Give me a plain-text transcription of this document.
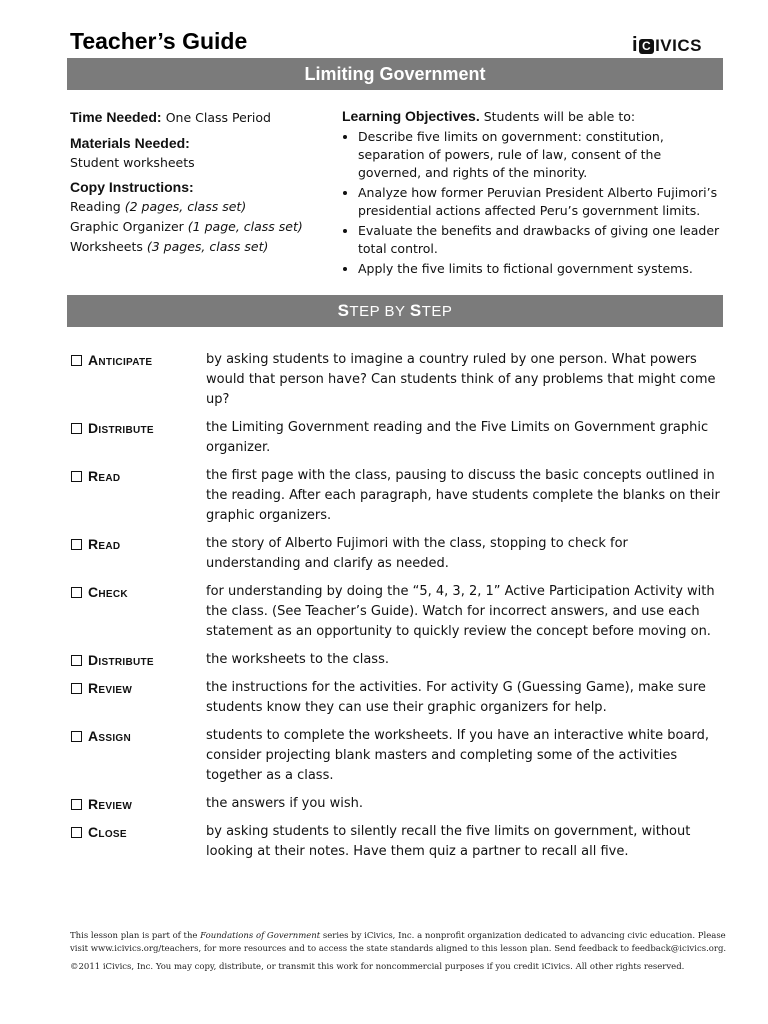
Teacher’s Guide	i C IVICS
Limiting Government
Time Needed: One Class Period
Materials Needed:
Student worksheets
Copy Instructions:
Reading (2 pages, class set)
Graphic Organizer (1 page, class set)
Worksheets (3 pages, class set)
Learning Objectives. Students will be able to:
• Describe five limits on government: constitution, separation of powers, rule of law, consent of the governed, and rights of the minority.
• Analyze how former Peruvian President Alberto Fujimori’s presidential actions affected Peru’s government limits.
• Evaluate the benefits and drawbacks of giving one leader total control.
• Apply the five limits to fictional government systems.
STEP BY STEP
Anticipate	by asking students to imagine a country ruled by one person. What powers would that person have? Can students think of any problems that might come up?
Distribute	the Limiting Government reading and the Five Limits on Government graphic organizer.
Read	the first page with the class, pausing to discuss the basic concepts outlined in the reading. After each paragraph, have students complete the blanks on their graphic organizers.
Read	the story of Alberto Fujimori with the class, stopping to check for understanding and clarify as needed.
Check	for understanding by doing the “5, 4, 3, 2, 1” Active Participation Activity with the class. (See Teacher’s Guide). Watch for incorrect answers, and use each statement as an opportunity to quickly review the concept before moving on.
Distribute	the worksheets to the class.
Review	the instructions for the activities. For activity G (Guessing Game), make sure students know they can use their graphic organizers for help.
Assign	students to complete the worksheets. If you have an interactive white board, consider projecting blank masters and completing some of the activities together as a class.
Review	the answers if you wish.
Close	by asking students to silently recall the five limits on government, without looking at their notes. Have them quiz a partner to recall all five.

This lesson plan is part of the Foundations of Government series by iCivics, Inc. a nonprofit organization dedicated to advancing civic education. Please visit www.icivics.org/teachers, for more resources and to access the state standards aligned to this lesson plan. Send feedback to feedback@icivics.org.

©2011 iCivics, Inc. You may copy, distribute, or transmit this work for noncommercial purposes if you credit iCivics. All other rights reserved.
